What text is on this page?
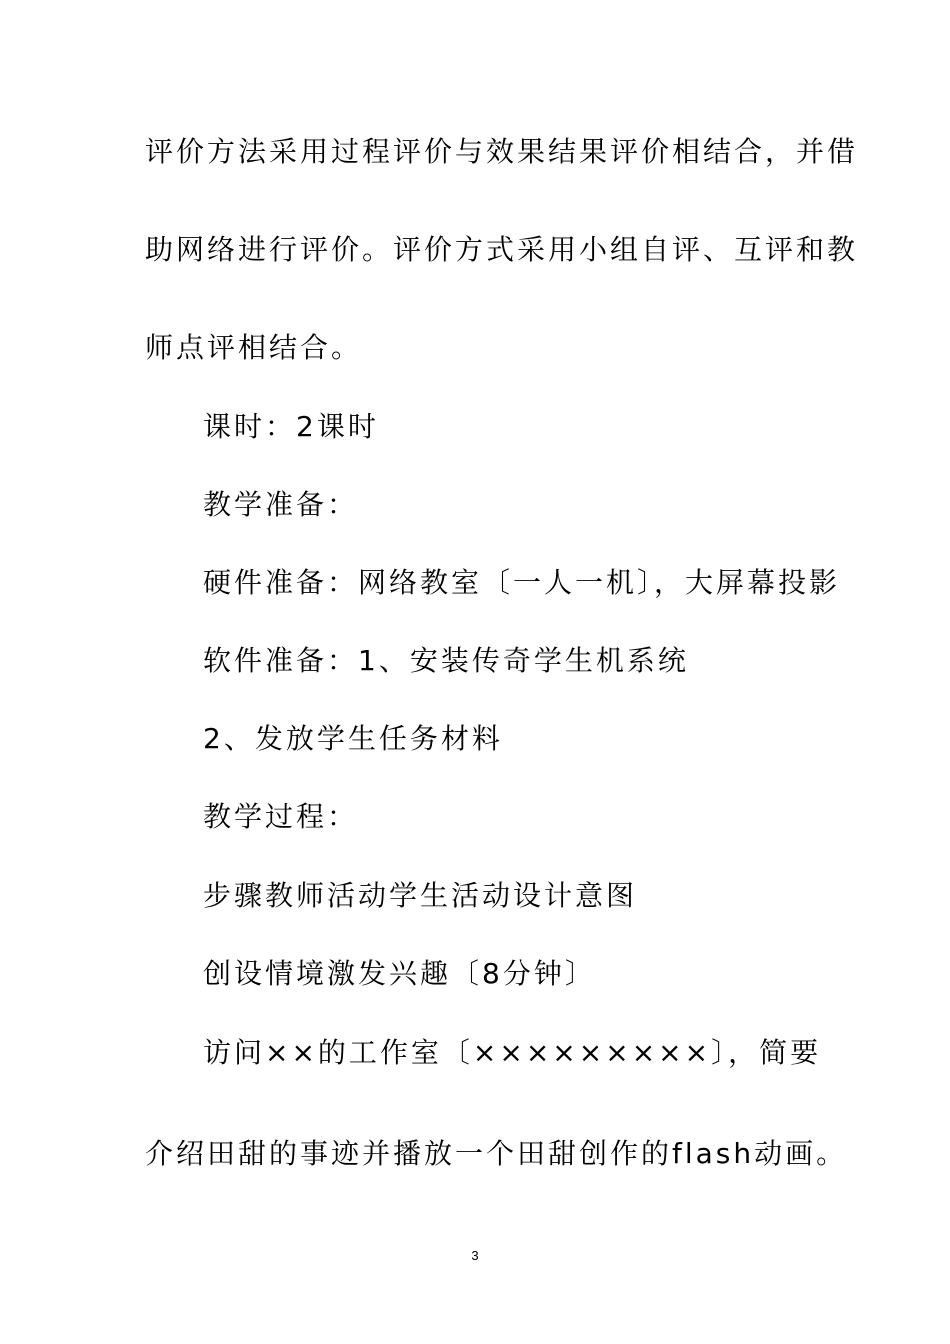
评价方法采用过程评价与效果结果评价相结合，并借
助网络进行评价。评价方式采用小组自评、互评和教
师点评相结合。
课时：2课时
教学准备：
硬件准备：网络教室〔一人一机〕，大屏幕投影
软件准备：1、安装传奇学生机系统
2、发放学生任务材料
教学过程：
步骤教师活动学生活动设计意图
创设情境激发兴趣〔8分钟〕
访问××的工作室〔×××××××××〕，简要
介绍田甜的事迹并播放一个田甜创作的flash动画。
3
